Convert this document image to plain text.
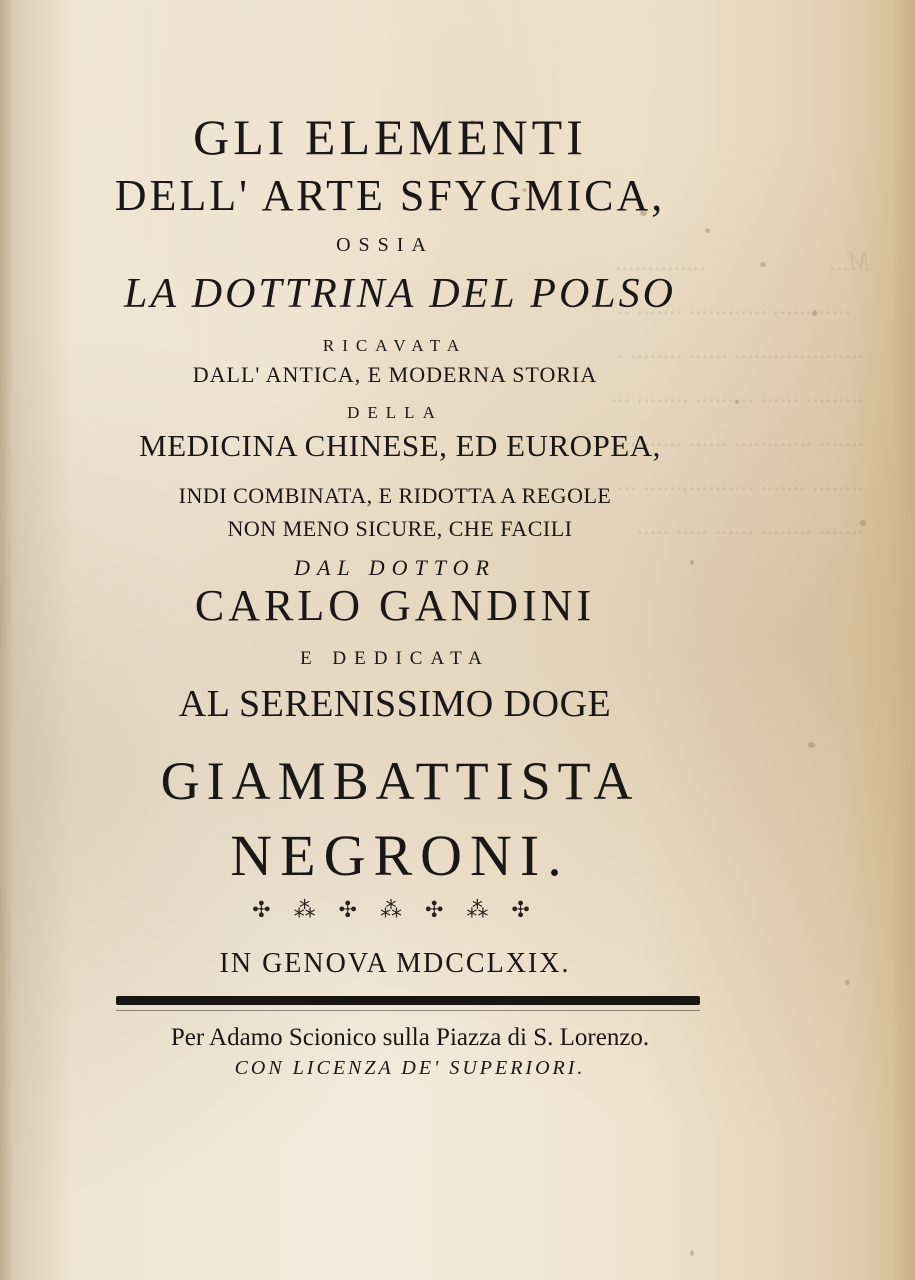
M...                   ..............
..........., ............ ....... ..
.................... ...... ........ .
......... ...... ......... ........ ...
....... ............ ...... ........ .
........ ....... ..........,...... ...
....... ........ ...... ..... .....
GLI ELEMENTI
DELL' ARTE SFYGMICA,
OSSIA
LA DOTTRINA DEL POLSO
RICAVATA
DALL' ANTICA, E MODERNA STORIA
DELLA
MEDICINA CHINESE, ED EUROPEA,
INDI COMBINATA, E RIDOTTA A REGOLE
NON MENO SICURE, CHE FACILI
DAL DOTTOR
CARLO GANDINI
E DEDICATA
AL SERENISSIMO DOGE
GIAMBATTISTA
NEGRONI.
✣ ⁂ ✣ ⁂ ✣ ⁂ ✣
IN GENOVA MDCCLXIX.
Per Adamo Scionico sulla Piazza di S. Lorenzo.
CON LICENZA DE' SUPERIORI.
